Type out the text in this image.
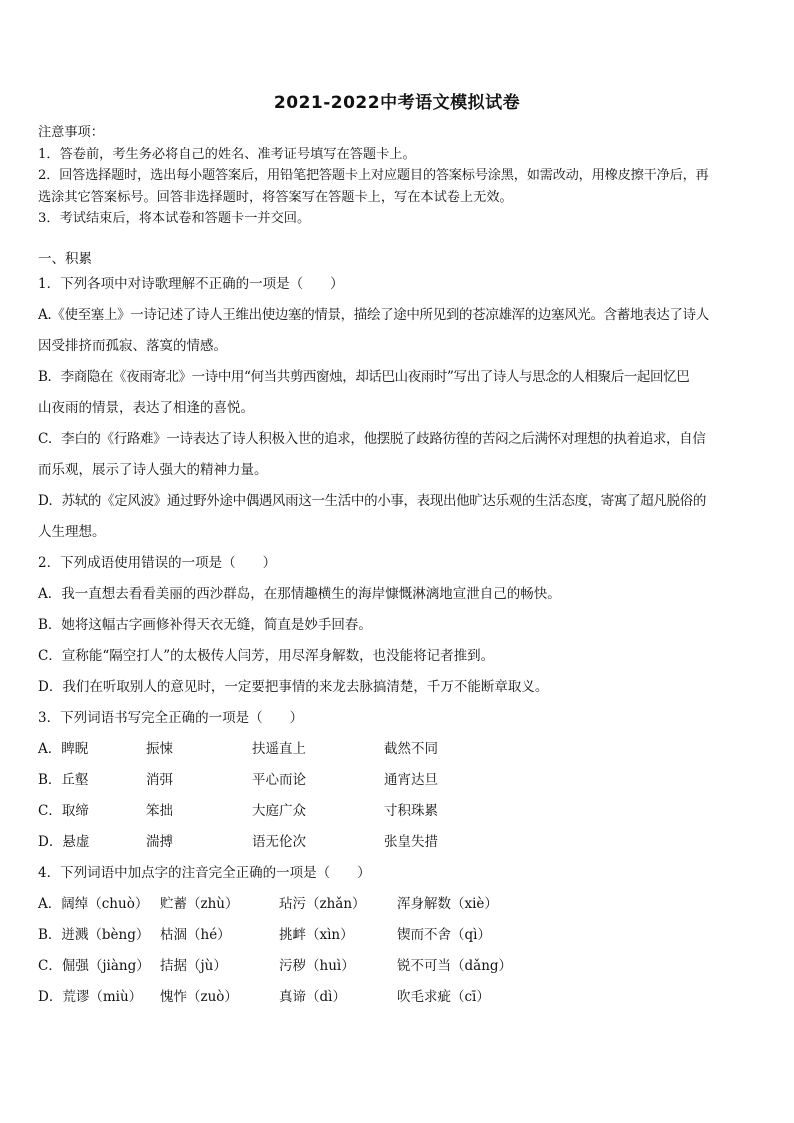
2021-2022中考语文模拟试卷

注意事项：

1．答卷前，考生务必将自己的姓名、准考证号填写在答题卡上。

2．回答选择题时，选出每小题答案后，用铅笔把答题卡上对应题目的答案标号涂黑，如需改动，用橡皮擦干净后，再

选涂其它答案标号。回答非选择题时，将答案写在答题卡上，写在本试卷上无效。

3．考试结束后，将本试卷和答题卡一并交回。

一、积累

1．下列各项中对诗歌理解不正确的一项是（　　）

A.《使至塞上》一诗记述了诗人王维出使边塞的情景，描绘了途中所见到的苍凉雄浑的边塞风光。含蓄地表达了诗人

因受排挤而孤寂、落寞的情感。

B．李商隐在《夜雨寄北》一诗中用“何当共剪西窗烛，却话巴山夜雨时”写出了诗人与思念的人相聚后一起回忆巴

山夜雨的情景，表达了相逢的喜悦。

C．李白的《行路难》一诗表达了诗人积极入世的追求，他摆脱了歧路彷徨的苦闷之后满怀对理想的执着追求，自信

而乐观，展示了诗人强大的精神力量。

D．苏轼的《定风波》通过野外途中偶遇风雨这一生活中的小事，表现出他旷达乐观的生活态度，寄寓了超凡脱俗的

人生理想。

2．下列成语使用错误的一项是（　　）

A．我一直想去看看美丽的西沙群岛，在那情趣横生的海岸慷慨淋漓地宣泄自己的畅快。

B．她将这幅古字画修补得天衣无缝，简直是妙手回春。

C．宣称能“隔空打人”的太极传人闫芳，用尽浑身解数，也没能将记者推到。

D．我们在听取别人的意见时，一定要把事情的来龙去脉搞清楚，千万不能断章取义。

3．下列词语书写完全正确的一项是（　　）

A．睥睨	振悚	扶遥直上	截然不同
B．丘壑	消弭	平心而论	通宵达旦
C．取缔	笨拙	大庭广众	寸积珠累
D．悬虚	湍搏	语无伦次	张皇失措

4．下列词语中加点字的注音完全正确的一项是（　　）

A．阔绰（chuò） 贮蓄（zhù）	玷污（zhǎn）	浑身解数（xiè）
B．迸溅（bèng） 枯涸（hé）	挑衅（xìn）	锲而不舍（qì）
C．倔强（jiàng） 拮据（jù）	污秽（huì）	锐不可当（dǎng）
D．荒谬（miù）	愧怍（zuò）	真谛（dì）	吹毛求疵（cī）
